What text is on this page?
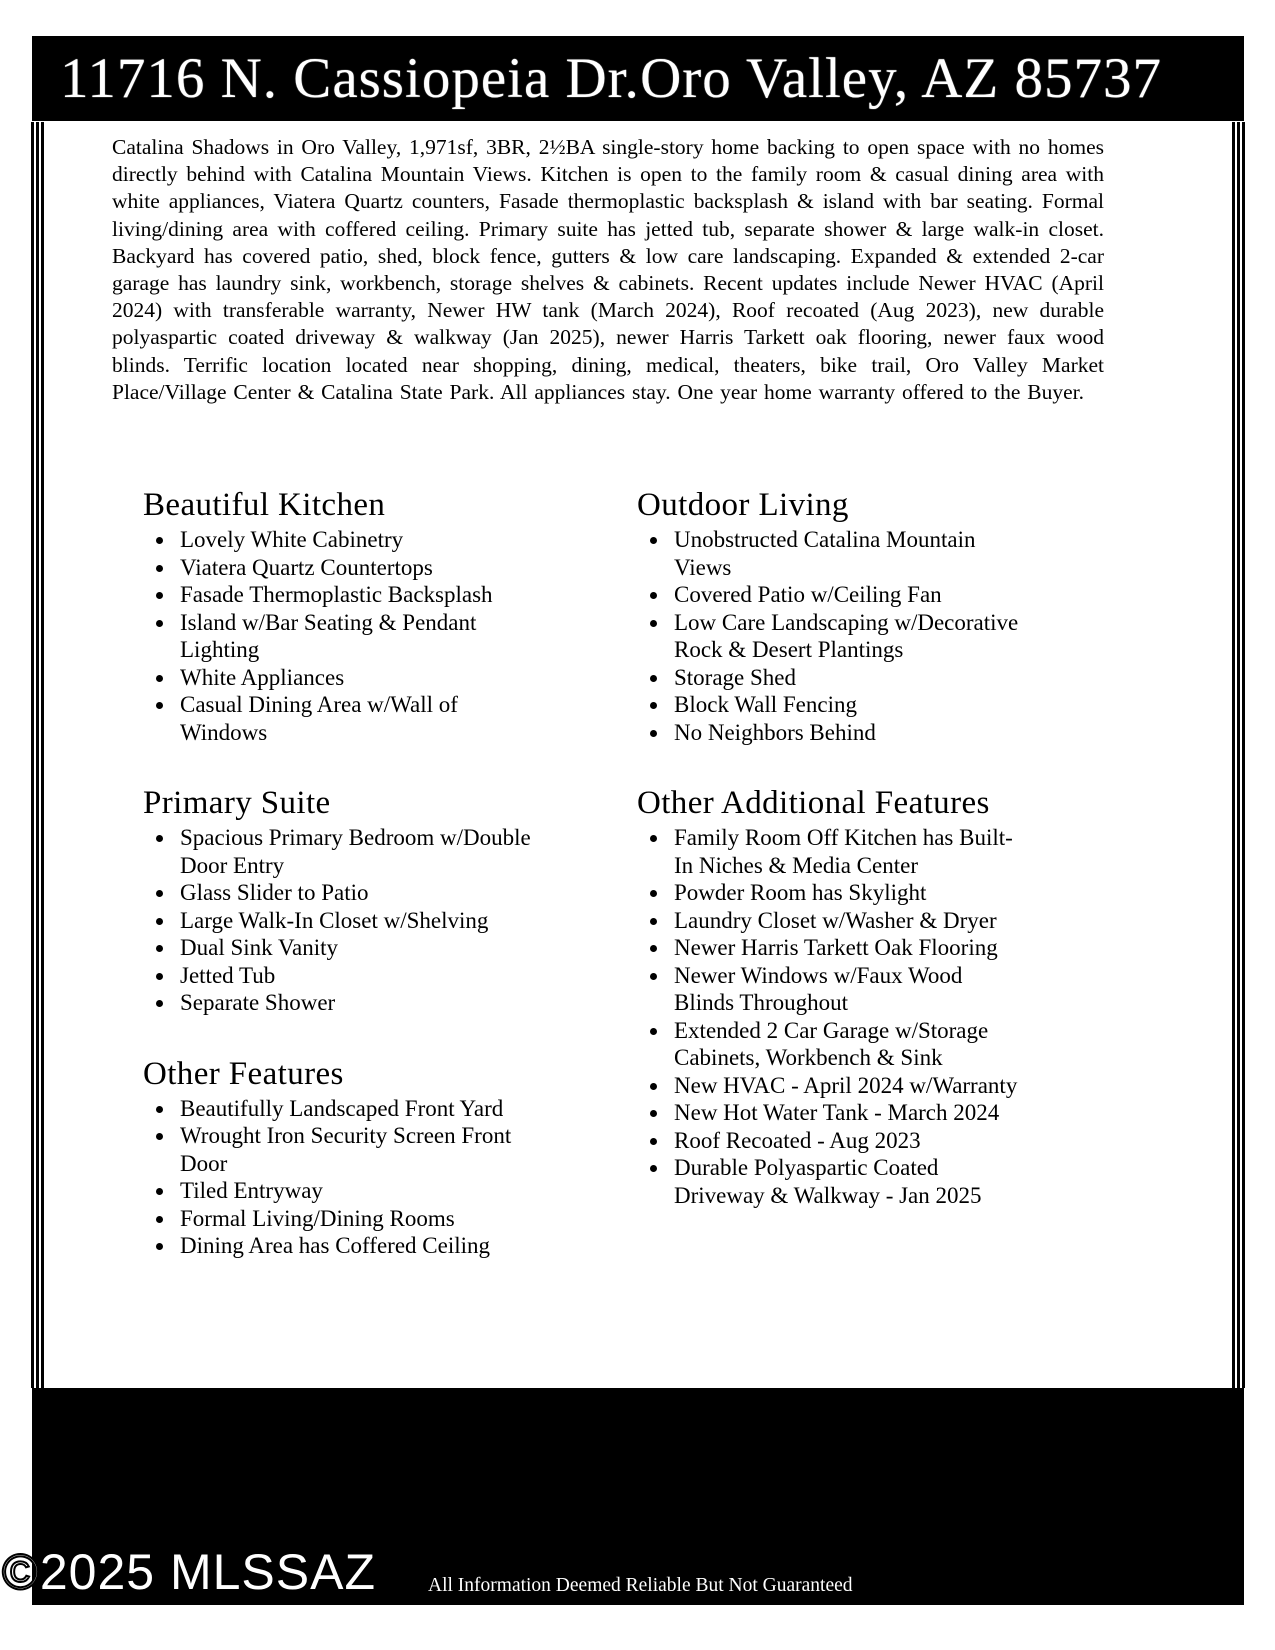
11716 N. Cassiopeia Dr. Oro Valley, AZ 85737

Catalina Shadows in Oro Valley, 1,971sf, 3BR, 2½BA single-story home backing to open space with no homes directly behind with Catalina Mountain Views. Kitchen is open to the family room & casual dining area with white appliances, Viatera Quartz counters, Fasade thermoplastic backsplash & island with bar seating. Formal living/dining area with coffered ceiling. Primary suite has jetted tub, separate shower & large walk-in closet. Backyard has covered patio, shed, block fence, gutters & low care landscaping. Expanded & extended 2-car garage has laundry sink, workbench, storage shelves & cabinets. Recent updates include Newer HVAC (April 2024) with transferable warranty, Newer HW tank (March 2024), Roof recoated (Aug 2023), new durable polyaspartic coated driveway & walkway (Jan 2025), newer Harris Tarkett oak flooring, newer faux wood blinds. Terrific location located near shopping, dining, medical, theaters, bike trail, Oro Valley Market Place/Village Center & Catalina State Park. All appliances stay. One year home warranty offered to the Buyer.

Beautiful Kitchen
Lovely White Cabinetry
Viatera Quartz Countertops
Fasade Thermoplastic Backsplash
Island w/Bar Seating & Pendant Lighting
White Appliances
Casual Dining Area w/Wall of Windows
Primary Suite
Spacious Primary Bedroom w/Double Door Entry
Glass Slider to Patio
Large Walk-In Closet w/Shelving
Dual Sink Vanity
Jetted Tub
Separate Shower
Other Features
Beautifully Landscaped Front Yard
Wrought Iron Security Screen Front Door
Tiled Entryway
Formal Living/Dining Rooms
Dining Area has Coffered Ceiling
Outdoor Living
Unobstructed Catalina Mountain Views
Covered Patio w/Ceiling Fan
Low Care Landscaping w/Decorative Rock & Desert Plantings
Storage Shed
Block Wall Fencing
No Neighbors Behind
Other Additional Features
Family Room Off Kitchen has Built-In Niches & Media Center
Powder Room has Skylight
Laundry Closet w/Washer & Dryer
Newer Harris Tarkett Oak Flooring
Newer Windows w/Faux Wood Blinds Throughout
Extended 2 Car Garage w/Storage Cabinets, Workbench & Sink
New HVAC - April 2024 w/Warranty
New Hot Water Tank - March 2024
Roof Recoated - Aug 2023
Durable Polyaspartic Coated Driveway & Walkway - Jan 2025
©2025 MLSSAZ	All Information Deemed Reliable But Not Guaranteed
